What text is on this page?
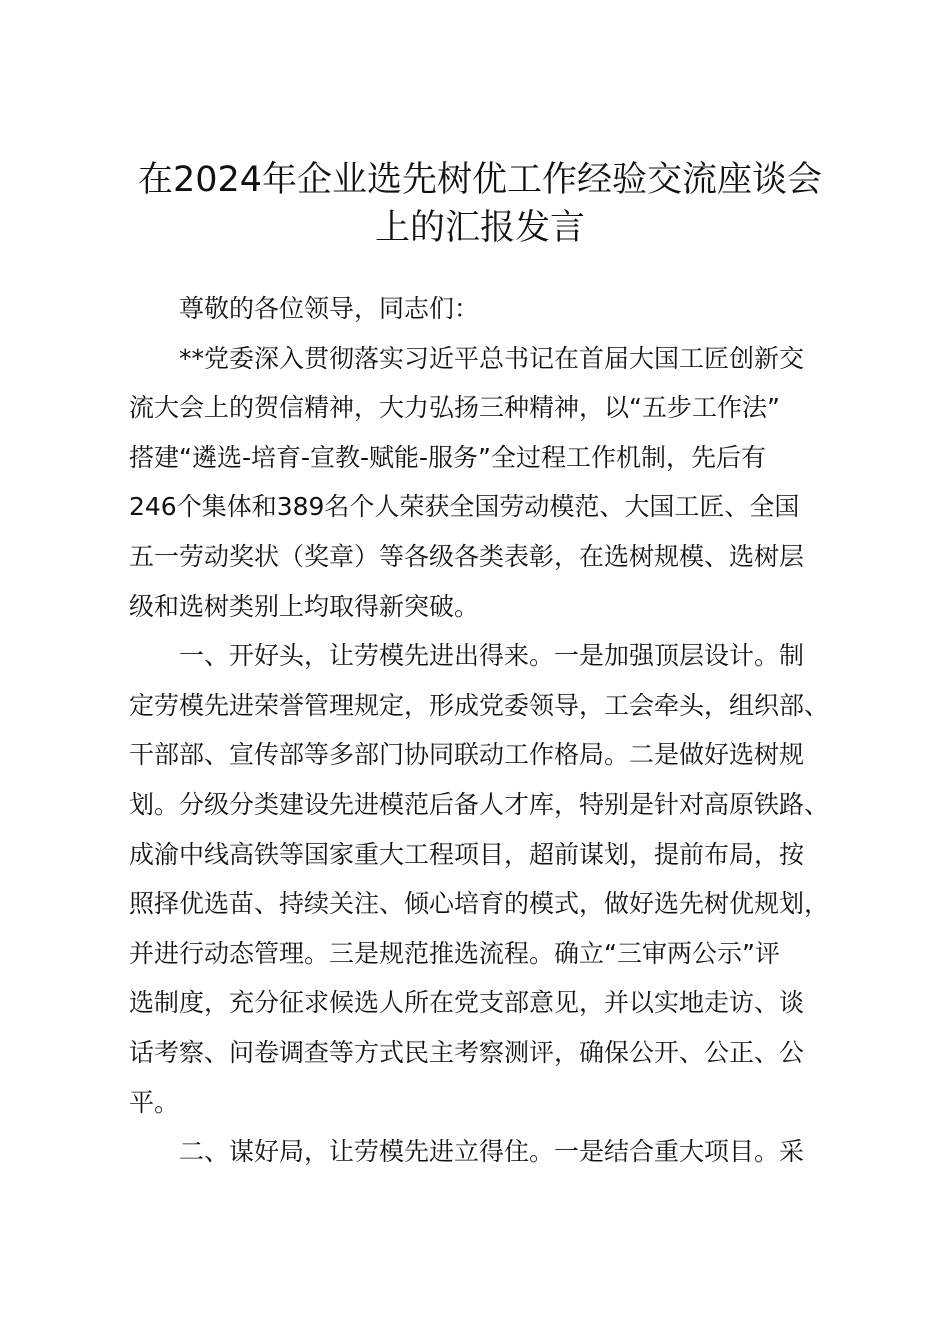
在2024年企业选先树优工作经验交流座谈会
上的汇报发言

尊敬的各位领导，同志们：

**党委深入贯彻落实习近平总书记在首届大国工匠创新交
流大会上的贺信精神，大力弘扬三种精神，以“五步工作法”
搭建“遴选-培育-宣教-赋能-服务”全过程工作机制，先后有
246个集体和389名个人荣获全国劳动模范、大国工匠、全国
五一劳动奖状（奖章）等各级各类表彰，在选树规模、选树层
级和选树类别上均取得新突破。

一、开好头，让劳模先进出得来。一是加强顶层设计。制
定劳模先进荣誉管理规定，形成党委领导，工会牵头，组织部、
干部部、宣传部等多部门协同联动工作格局。二是做好选树规
划。分级分类建设先进模范后备人才库，特别是针对高原铁路、
成渝中线高铁等国家重大工程项目，超前谋划，提前布局，按
照择优选苗、持续关注、倾心培育的模式，做好选先树优规划，
并进行动态管理。三是规范推选流程。确立“三审两公示”评
选制度，充分征求候选人所在党支部意见，并以实地走访、谈
话考察、问卷调查等方式民主考察测评，确保公开、公正、公
平。

二、谋好局，让劳模先进立得住。一是结合重大项目。采
